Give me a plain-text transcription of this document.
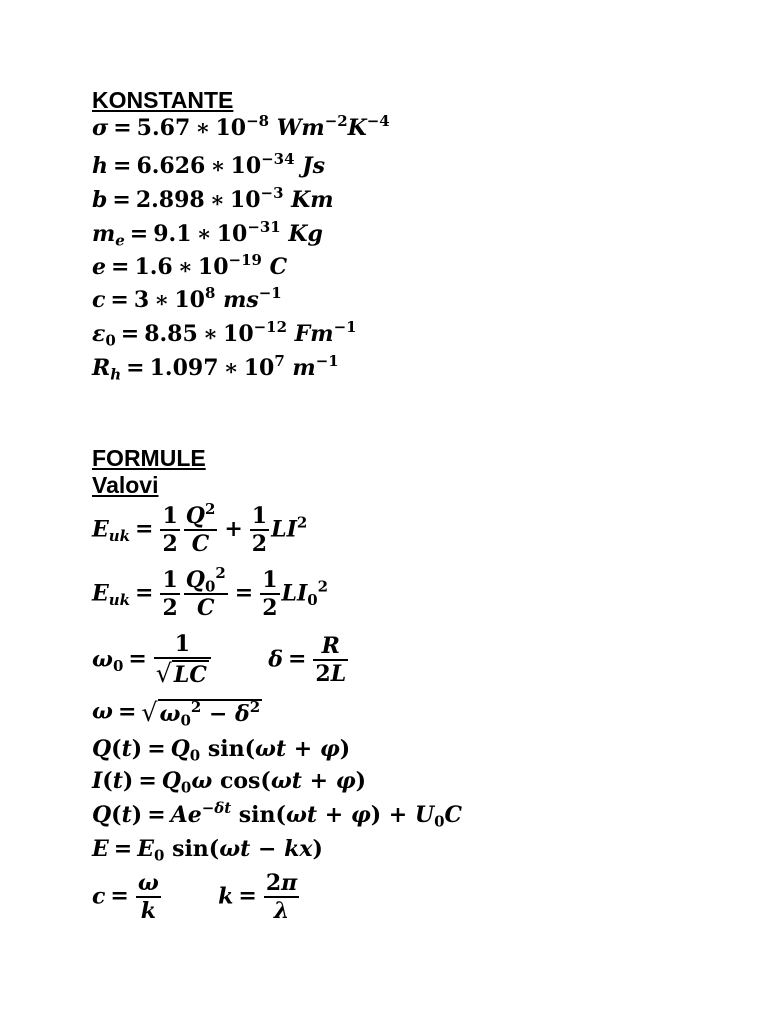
KONSTANTE
σ = 5.67 ∗ $10^{-8}$ $Wm^{-2}K^{-4}$
h = 6.626 ∗ $10^{-34}$ Js
b = 2.898 ∗ $10^{-3}$ Km
$m_e = 9.1$ ∗ $10^{-31}$ Kg
e = 1.6 ∗ $10^{-19}$ C
c = 3 ∗ $10^8$ $ms^{-1}$
$\varepsilon_0 = 8.85$ ∗ $10^{-12}$ $Fm^{-1}$
$R_h = 1.097$ ∗ $10^7$ $m^{-1}$
FORMULE
Valovi
$E_{uk} = \frac{1}{2} \frac{Q^2}{C} + \frac{1}{2} LI^2$
$E_{uk} = \frac{1}{2} \frac{Q_0^2}{C} = \frac{1}{2} LI_0^2$
$\omega_0 = \frac{1}{√LC}$	$\delta = \frac{R}{2L}$
$\omega = √\omega_0^2 - \delta^2$
$Q(t) = Q_0$ sin(ωt + φ)
$I(t) = Q_0\omega$ cos(ωt + φ)
$Q(t) = Ae^{-\delta t}$ $\sin(\omega t + \varphi) + U_0C$
$E = E_0$ sin(ωt − kx)
$c = \frac{\omega}{k}$	$k = \frac{2\pi}{\lambda}$
